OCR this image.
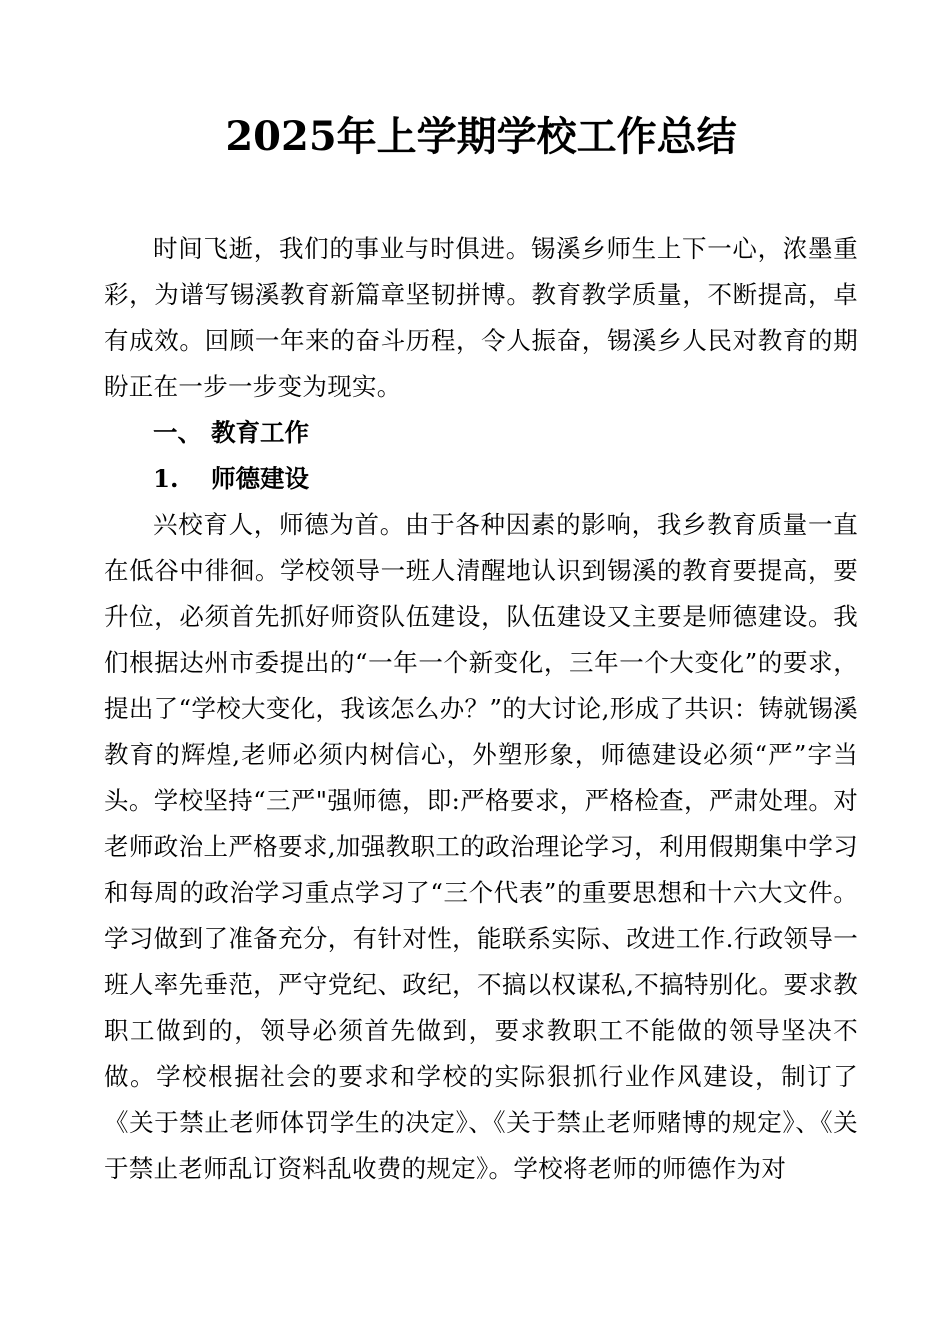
2025年上学期学校工作总结

时间飞逝，我们的事业与时俱进。锡溪乡师生上下一心，浓墨重彩，为谱写锡溪教育新篇章坚韧拼博。教育教学质量，不断提高，卓有成效。回顾一年来的奋斗历程，令人振奋，锡溪乡人民对教育的期盼正在一步一步变为现实。

一、 教育工作

1. 师德建设

兴校育人，师德为首。由于各种因素的影响，我乡教育质量一直在低谷中徘徊。学校领导一班人清醒地认识到锡溪的教育要提高，要升位，必须首先抓好师资队伍建设，队伍建设又主要是师德建设。我们根据达州市委提出的“一年一个新变化，三年一个大变化”的要求，提出了“学校大变化，我该怎么办？”的大讨论,形成了共识：铸就锡溪教育的辉煌,老师必须内树信心，外塑形象，师德建设必须“严”字当头。学校坚持“三严"强师德，即:严格要求，严格检查，严肃处理。对老师政治上严格要求,加强教职工的政治理论学习，利用假期集中学习和每周的政治学习重点学习了“三个代表”的重要思想和十六大文件。学习做到了准备充分，有针对性，能联系实际、改进工作.行政领导一班人率先垂范，严守党纪、政纪，不搞以权谋私,不搞特别化。要求教职工做到的，领导必须首先做到，要求教职工不能做的领导坚决不做。学校根据社会的要求和学校的实际狠抓行业作风建设，制订了《关于禁止老师体罚学生的决定》、《关于禁止老师赌博的规定》、《关于禁止老师乱订资料乱收费的规定》。学校将老师的师德作为对
